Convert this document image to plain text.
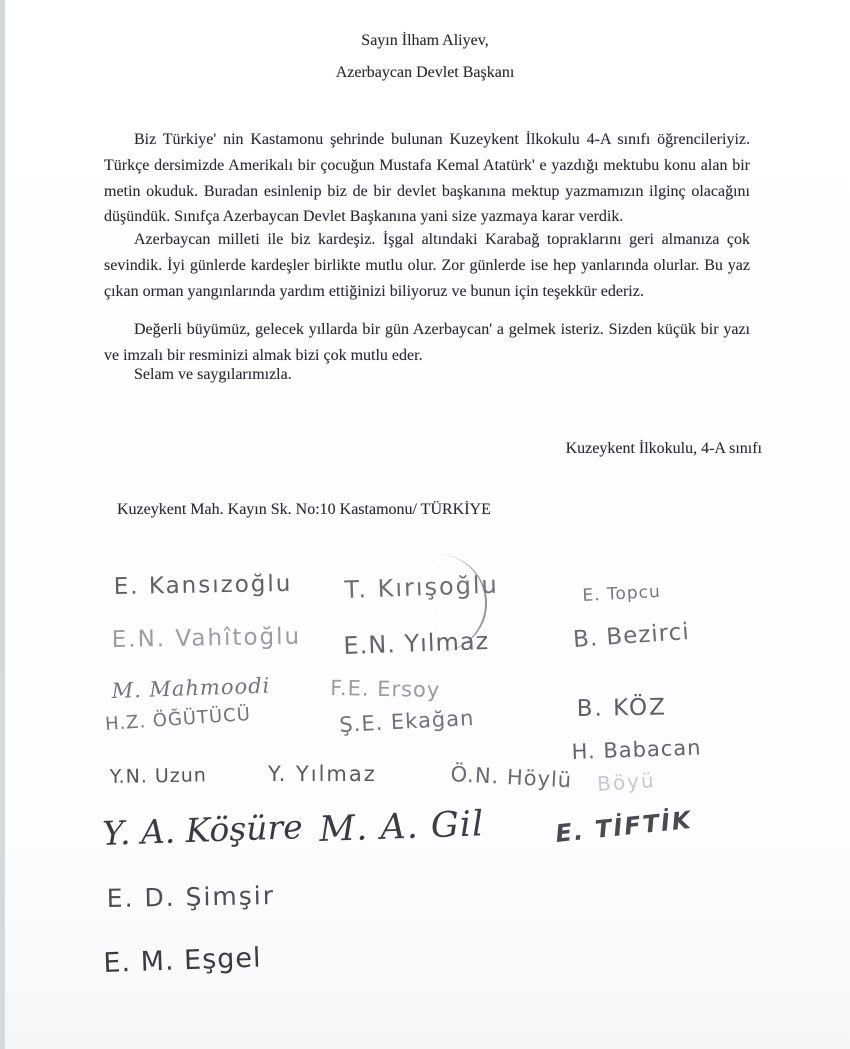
Sayın İlham Aliyev,
Azerbaycan Devlet Başkanı

Biz Türkiye' nin Kastamonu şehrinde bulunan Kuzeykent İlkokulu 4-A sınıfı öğrencileriyiz. Türkçe dersimizde Amerikalı bir çocuğun Mustafa Kemal Atatürk' e yazdığı mektubu konu alan bir metin okuduk. Buradan esinlenip biz de bir devlet başkanına mektup yazmamızın ilginç olacağını düşündük. Sınıfça Azerbaycan Devlet Başkanına yani size yazmaya karar verdik.

Azerbaycan milleti ile biz kardeşiz. İşgal altındaki Karabağ topraklarını geri almanıza çok sevindik. İyi günlerde kardeşler birlikte mutlu olur. Zor günlerde ise hep yanlarında olurlar. Bu yaz çıkan orman yangınlarında yardım ettiğinizi biliyoruz ve bunun için teşekkür ederiz.

Değerli büyümüz, gelecek yıllarda bir gün Azerbaycan' a gelmek isteriz. Sizden küçük bir yazı ve imzalı bir resminizi almak bizi çok mutlu eder.

Selam ve saygılarımızla.
Kuzeykent İlkokulu, 4-A sınıfı
Kuzeykent Mah. Kayın Sk. No:10 Kastamonu/ TÜRKİYE
E. Kansızoğlu T. Kırışoğlu	E. Topcu
E.N. Vahîtoğlu E.N. Yılmaz	B. Bezirci
M. Mahmoodi	F.E. Ersoy
B. KÖZ
H.Z. ÖĞÜTÜCÜ	Ş.E. Ekağan
H. Babacan
Y.N. Uzun	Y. Yılmaz	Ö.N. Höylü Böyü
Y. A. Köşüre M. A. Gil	E. TİFTİK
E. D. Şimşir
E. M. Eşgel
